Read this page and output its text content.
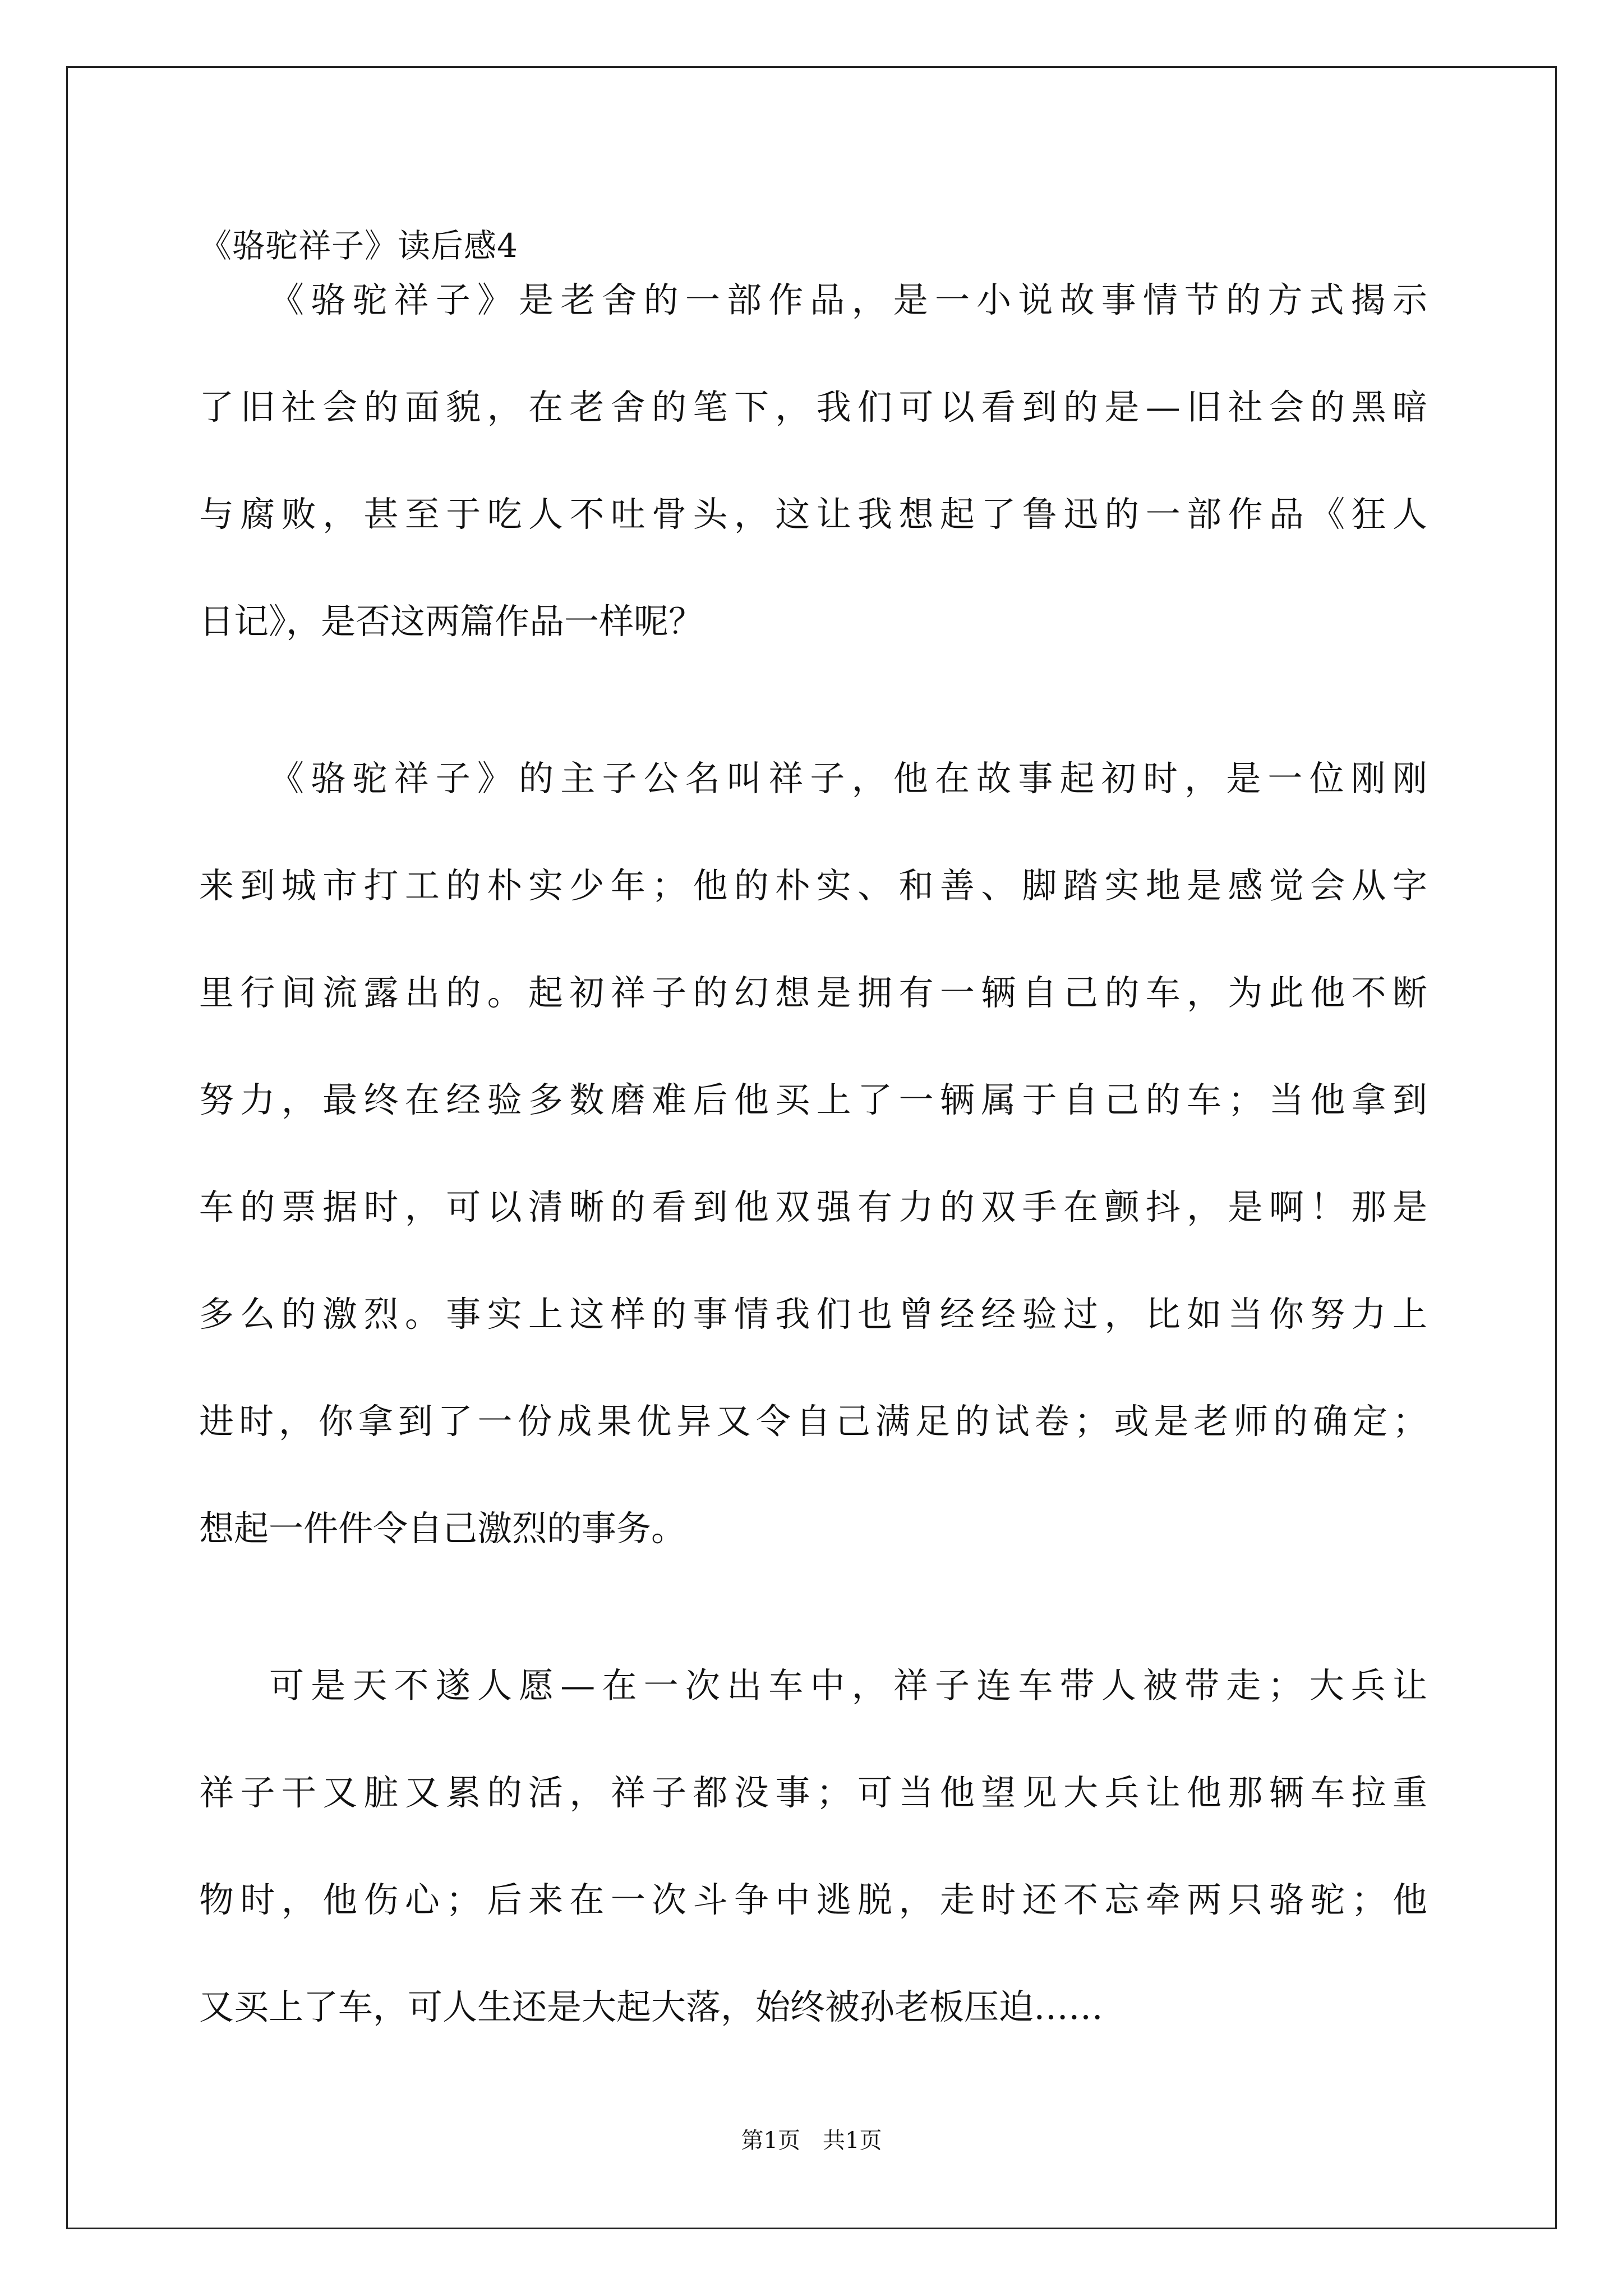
《骆驼祥子》读后感4
《骆驼祥子》是老舍的一部作品，是一小说故事情节的方式揭示
了旧社会的面貌，在老舍的笔下，我们可以看到的是—旧社会的黑暗
与腐败，甚至于吃人不吐骨头，这让我想起了鲁迅的一部作品《狂人
日记》，是否这两篇作品一样呢？
《骆驼祥子》的主子公名叫祥子，他在故事起初时，是一位刚刚
来到城市打工的朴实少年；他的朴实、和善、脚踏实地是感觉会从字
里行间流露出的。起初祥子的幻想是拥有一辆自己的车，为此他不断
努力，最终在经验多数磨难后他买上了一辆属于自己的车；当他拿到
车的票据时，可以清晰的看到他双强有力的双手在颤抖，是啊！那是
多么的激烈。事实上这样的事情我们也曾经经验过，比如当你努力上
进时，你拿到了一份成果优异又令自己满足的试卷；或是老师的确定；
想起一件件令自己激烈的事务。
可是天不遂人愿—在一次出车中，祥子连车带人被带走；大兵让
祥子干又脏又累的活，祥子都没事；可当他望见大兵让他那辆车拉重
物时，他伤心；后来在一次斗争中逃脱，走时还不忘牵两只骆驼；他
又买上了车，可人生还是大起大落，始终被孙老板压迫……
第1页　共1页
